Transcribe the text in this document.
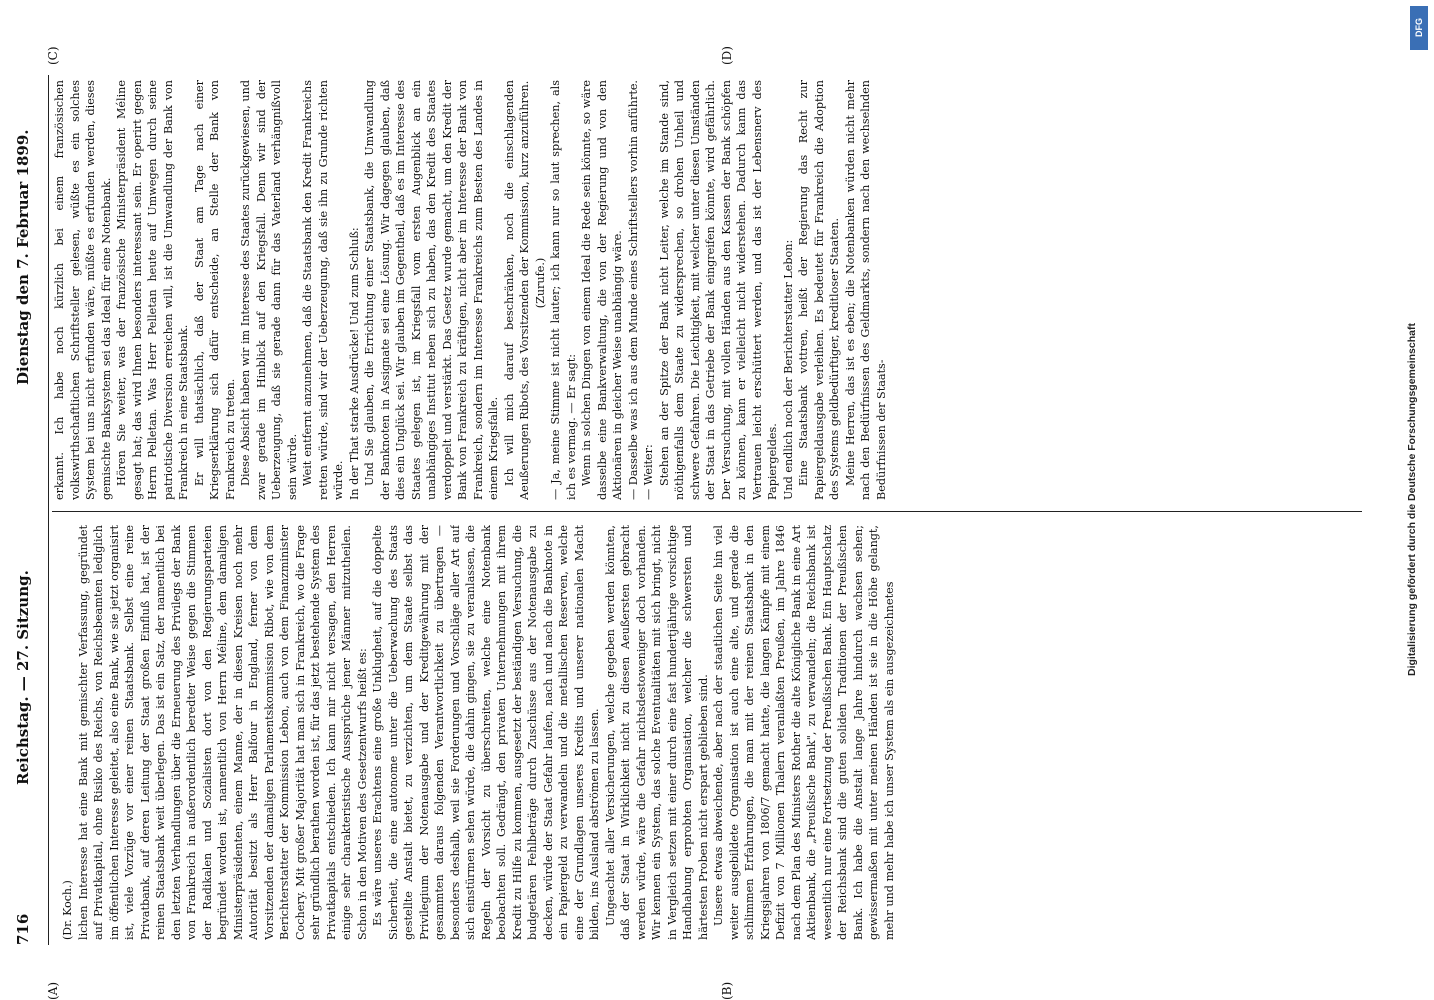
716
Reichstag. — 27. Sitzung.
Dienstag den 7. Februar 1899.
(A)	(B)
(C)	(D)

(Dr. Koch.) lichen Interesse hat eine Bank mit gemischter Verfassung, gegründet auf Privatkapital, ohne Risiko des Reichs, von Reichsbeamten lediglich im öffentlichen Interesse geleitet, also eine Bank, wie sie jetzt organisirt ist, viele Vorzüge vor einer reinen Staatsbank. Selbst eine reine Privatbank, auf deren Leitung der Staat großen Einfluß hat, ist der reinen Staatsbank weit überlegen. Das ist ein Satz, der namentlich bei den letzten Verhandlungen über die Erneuerung des Privilegs der Bank von Frankreich in außerordentlich beredter Weise gegen die Stimmen der Radikalen und Sozialisten dort von den Regierungsparteien begründet worden ist, namentlich von Herrn Méline, dem damaligen Ministerpräsidenten, einem Manne, der in diesen Kreisen noch mehr Autorität besitzt als Herr Balfour in England, ferner von dem Vorsitzenden der damaligen Parlamentskommission Ribot, wie von dem Berichterstatter der Kommission Lebon, auch von dem Finanzminister Cochery. Mit großer Majorität hat man sich in Frankreich, wo die Frage sehr gründlich berathen worden ist, für das jetzt bestehende System des Privatkapitals entschieden. Ich kann mir nicht versagen, den Herren einige sehr charakteristische Aussprüche jener Männer mitzutheilen. Schon in den Motiven des Gesetzentwurfs heißt es: Es wäre unseres Erachtens eine große Unklugheit, auf die doppelte Sicherheit, die eine autonome unter die Ueberwachung des Staats gestellte Anstalt bietet, zu verzichten, um dem Staate selbst das Privilegium der Notenausgabe und der Kreditgewährung mit der gesammten daraus folgenden Verantwortlichkeit zu übertragen — besonders deshalb, weil sie Forderungen und Vorschläge aller Art auf sich einstürmen sehen würde, die dahin gingen, sie zu veranlassen, die Regeln der Vorsicht zu überschreiten, welche eine Notenbank beobachten soll. Gedrängt, den privaten Unternehmungen mit ihrem Kredit zu Hilfe zu kommen, ausgesetzt der beständigen Versuchung, die budgetären Fehlbeträge durch Zuschüsse aus der Notenausgabe zu decken, würde der Staat Gefahr laufen, nach und nach die Banknote in ein Papiergeld zu verwandeln und die metallischen Reserven, welche eine der Grundlagen unseres Kredits und unserer nationalen Macht bilden, ins Ausland abströmen zu lassen. Ungeachtet aller Versicherungen, welche gegeben werden könnten, daß der Staat in Wirklichkeit nicht zu diesen Aeußersten gebracht werden würde, wäre die Gefahr nichtsdestoweniger doch vorhanden. Wir kennen ein System, das solche Eventualitäten mit sich bringt, nicht in Vergleich setzen mit einer durch eine fast hundertjährige vorsichtige Handhabung erprobten Organisation, welcher die schwersten und härtesten Proben nicht erspart geblieben sind. Unsere etwas abweichende, aber nach der staatlichen Seite hin viel weiter ausgebildete Organisation ist auch eine alte, und gerade die schlimmen Erfahrungen, die man mit der reinen Staatsbank in den Kriegsjahren von 1806/7 gemacht hatte, die langen Kämpfe mit einem Defizit von 7 Millionen Thalern veranlaßten Preußen, im Jahre 1846 nach dem Plan des Ministers Rother die alte Königliche Bank in eine Art Aktienbank, die „Preußische Bank", zu verwandeln; die Reichsbank ist wesentlich nur eine Fortsetzung der Preußischen Bank. Ein Hauptschatz der Reichsbank sind die guten soliden Traditionen der Preußischen Bank. Ich habe die Anstalt lange Jahre hindurch wachsen sehen; gewissermaßen mit unter meinen Händen ist sie in die Höhe gelangt, mehr und mehr habe ich unser System als ein ausgezeichnetes

erkannt. Ich habe noch kürzlich bei einem französischen volkswirthschaftlichen Schriftsteller gelesen, wüßte es ein solches System bei uns nicht erfunden wäre, müßte es erfunden werden, dieses gemischte Banksystem sei das Ideal für eine Notenbank. Hören Sie weiter, was der französische Ministerpräsident Méline gesagt hat; das wird Ihnen besonders interessant sein. Er operirt gegen Herrn Pelletan. Was Herr Pelletan heute auf Umwegen durch seine patriotische Diversion erreichen will, ist die Umwandlung der Bank von Frankreich in eine Staatsbank. Er will thatsächlich, daß der Staat am Tage nach einer Kriegserklärung sich dafür entscheide, an Stelle der Bank von Frankreich zu treten. Diese Absicht haben wir im Interesse des Staates zurückgewiesen, und zwar gerade im Hinblick auf den Kriegsfall. Denn wir sind der Ueberzeugung, daß sie gerade dann für das Vaterland verhängnißvoll sein würde. Weit entfernt anzunehmen, daß die Staatsbank den Kredit Frankreichs retten würde, sind wir der Ueberzeugung, daß sie ihn zu Grunde richten würde. In der That starke Ausdrücke! Und zum Schluß: Und Sie glauben, die Errichtung einer Staatsbank, die Umwandlung der Banknoten in Assignate sei eine Lösung. Wir dagegen glauben, daß dies ein Unglück sei. Wir glauben im Gegentheil, daß es im Interesse des Staates gelegen ist, im Kriegsfall vom ersten Augenblick an ein unabhängiges Institut neben sich zu haben, das den Kredit des Staates verdoppelt und verstärkt. Das Gesetz wurde gemacht, um den Kredit der Bank von Frankreich zu kräftigen, nicht aber im Interesse der Bank von Frankreich, sondern im Interesse Frankreichs zum Besten des Landes in einem Kriegsfalle. Ich will mich darauf beschränken, noch die einschlagenden Aeußerungen Ribots, des Vorsitzenden der Kommission, kurz anzuführen. (Zurufe.) — Ja, meine Stimme ist nicht lauter; ich kann nur so laut sprechen, als ich es vermag. — Er sagt: Wenn in solchen Dingen von einem Ideal die Rede sein könnte, so wäre dasselbe eine Bankverwaltung, die von der Regierung und von den Aktionären in gleicher Weise unabhängig wäre. — Dasselbe was ich aus dem Munde eines Schriftstellers vorhin anführte. — Weiter: Stehen an der Spitze der Bank nicht Leiter, welche im Stande sind, nöthigenfalls dem Staate zu widersprechen, so drohen Unheil und schwere Gefahren. Die Leichtigkeit, mit welcher unter diesen Umständen der Staat in das Getriebe der Bank eingreifen könnte, wird gefährlich. Der Versuchung, mit vollen Händen aus den Kassen der Bank schöpfen zu können, kann er vielleicht nicht widerstehen. Dadurch kann das Vertrauen leicht erschüttert werden, und das ist der Lebensnerv des Papiergeldes. Und endlich noch der Berichterstatter Lebon: Eine Staatsbank vottren, heißt der Regierung das Recht zur Papiergeldausgabe verleihen. Es bedeutet für Frankreich die Adoption des Systems geldbedürftiger, kreditloser Staaten. Meine Herren, das ist es eben; die Notenbanken würden nicht mehr nach den Bedürfnissen des Geldmarkts, sondern nach den wechselnden Bedürfnissen der Staats-

DFG
Digitalisierung gefördert durch die Deutsche Forschungsgemeinschaft
